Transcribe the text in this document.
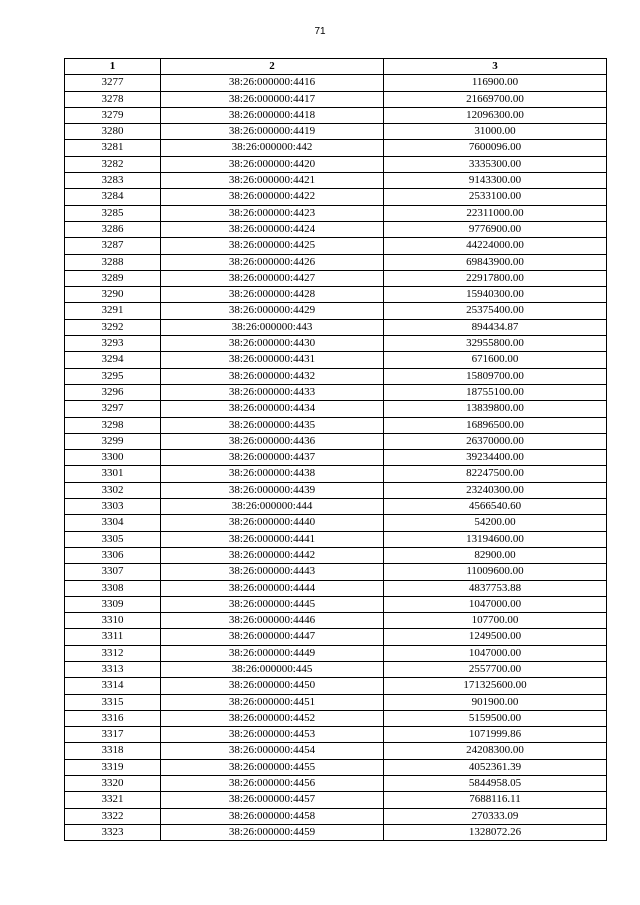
71
1	2	3
3277	38:26:000000:4416	116900.00
3278	38:26:000000:4417	21669700.00
3279	38:26:000000:4418	12096300.00
3280	38:26:000000:4419	31000.00
3281	38:26:000000:442	7600096.00
3282	38:26:000000:4420	3335300.00
3283	38:26:000000:4421	9143300.00
3284	38:26:000000:4422	2533100.00
3285	38:26:000000:4423	22311000.00
3286	38:26:000000:4424	9776900.00
3287	38:26:000000:4425	44224000.00
3288	38:26:000000:4426	69843900.00
3289	38:26:000000:4427	22917800.00
3290	38:26:000000:4428	15940300.00
3291	38:26:000000:4429	25375400.00
3292	38:26:000000:443	894434.87
3293	38:26:000000:4430	32955800.00
3294	38:26:000000:4431	671600.00
3295	38:26:000000:4432	15809700.00
3296	38:26:000000:4433	18755100.00
3297	38:26:000000:4434	13839800.00
3298	38:26:000000:4435	16896500.00
3299	38:26:000000:4436	26370000.00
3300	38:26:000000:4437	39234400.00
3301	38:26:000000:4438	82247500.00
3302	38:26:000000:4439	23240300.00
3303	38:26:000000:444	4566540.60
3304	38:26:000000:4440	54200.00
3305	38:26:000000:4441	13194600.00
3306	38:26:000000:4442	82900.00
3307	38:26:000000:4443	11009600.00
3308	38:26:000000:4444	4837753.88
3309	38:26:000000:4445	1047000.00
3310	38:26:000000:4446	107700.00
3311	38:26:000000:4447	1249500.00
3312	38:26:000000:4449	1047000.00
3313	38:26:000000:445	2557700.00
3314	38:26:000000:4450	171325600.00
3315	38:26:000000:4451	901900.00
3316	38:26:000000:4452	5159500.00
3317	38:26:000000:4453	1071999.86
3318	38:26:000000:4454	24208300.00
3319	38:26:000000:4455	4052361.39
3320	38:26:000000:4456	5844958.05
3321	38:26:000000:4457	7688116.11
3322	38:26:000000:4458	270333.09
3323	38:26:000000:4459	1328072.26
